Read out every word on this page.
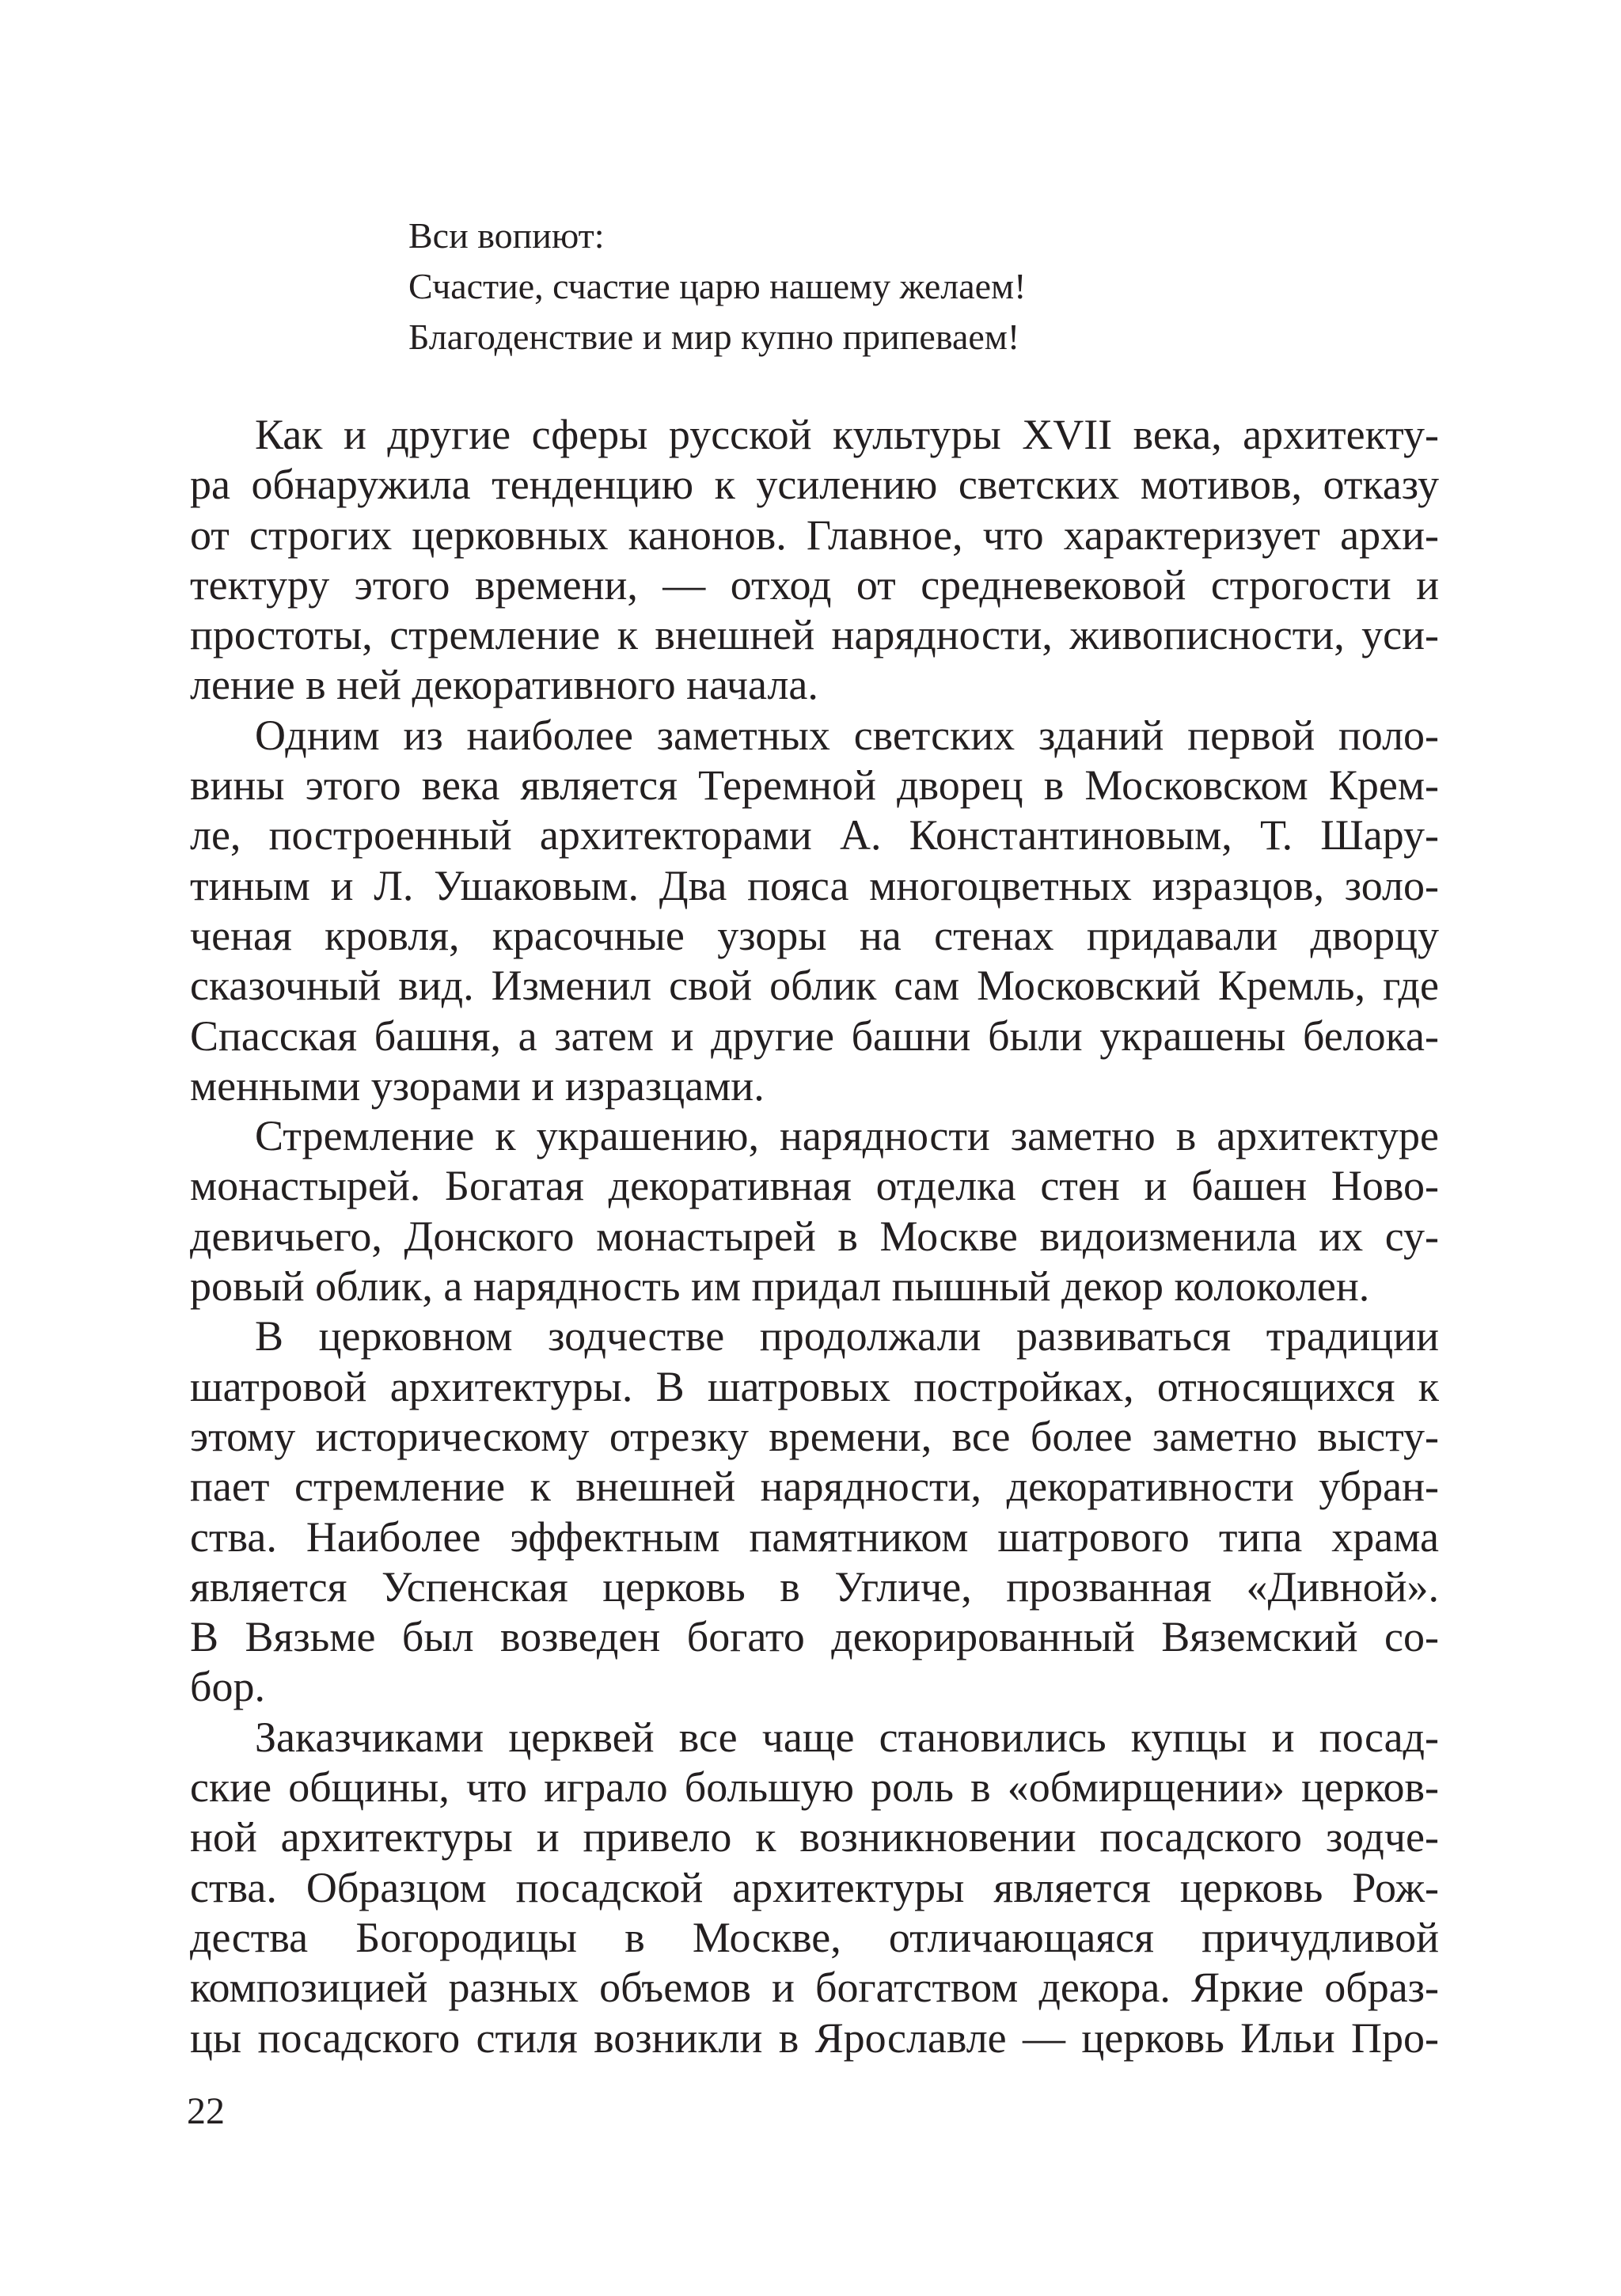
Вси вопиют:
Счастие, счастие царю нашему желаем!
Благоденствие и мир купно припеваем!
Как и другие сферы русской культуры XVII века, архитекту-
ра обнаружила тенденцию к усилению светских мотивов, отказу
от строгих церковных канонов. Главное, что характеризует архи-
тектуру этого времени, — отход от средневековой строгости и
простоты, стремление к внешней нарядности, живописности, уси-
ление в ней декоративного начала.
Одним из наиболее заметных светских зданий первой поло-
вины этого века является Теремной дворец в Московском Крем-
ле, построенный архитекторами А. Константиновым, Т. Шару-
тиным и Л. Ушаковым. Два пояса многоцветных изразцов, золо-
ченая кровля, красочные узоры на стенах придавали дворцу
сказочный вид. Изменил свой облик сам Московский Кремль, где
Спасская башня, а затем и другие башни были украшены белока-
менными узорами и изразцами.
Стремление к украшению, нарядности заметно в архитектуре
монастырей. Богатая декоративная отделка стен и башен Ново-
девичьего, Донского монастырей в Москве видоизменила их су-
ровый облик, а нарядность им придал пышный декор колоколен.
В церковном зодчестве продолжали развиваться традиции
шатровой архитектуры. В шатровых постройках, относящихся к
этому историческому отрезку времени, все более заметно высту-
пает стремление к внешней нарядности, декоративности убран-
ства. Наиболее эффектным памятником шатрового типа храма
является Успенская церковь в Угличе, прозванная «Дивной».
В Вязьме был возведен богато декорированный Вяземский со-
бор.
Заказчиками церквей все чаще становились купцы и посад-
ские общины, что играло большую роль в «обмирщении» церков-
ной архитектуры и привело к возникновении посадского зодче-
ства. Образцом посадской архитектуры является церковь Рож-
дества Богородицы в Москве, отличающаяся причудливой
композицией разных объемов и богатством декора. Яркие образ-
цы посадского стиля возникли в Ярославле — церковь Ильи Про-
22
